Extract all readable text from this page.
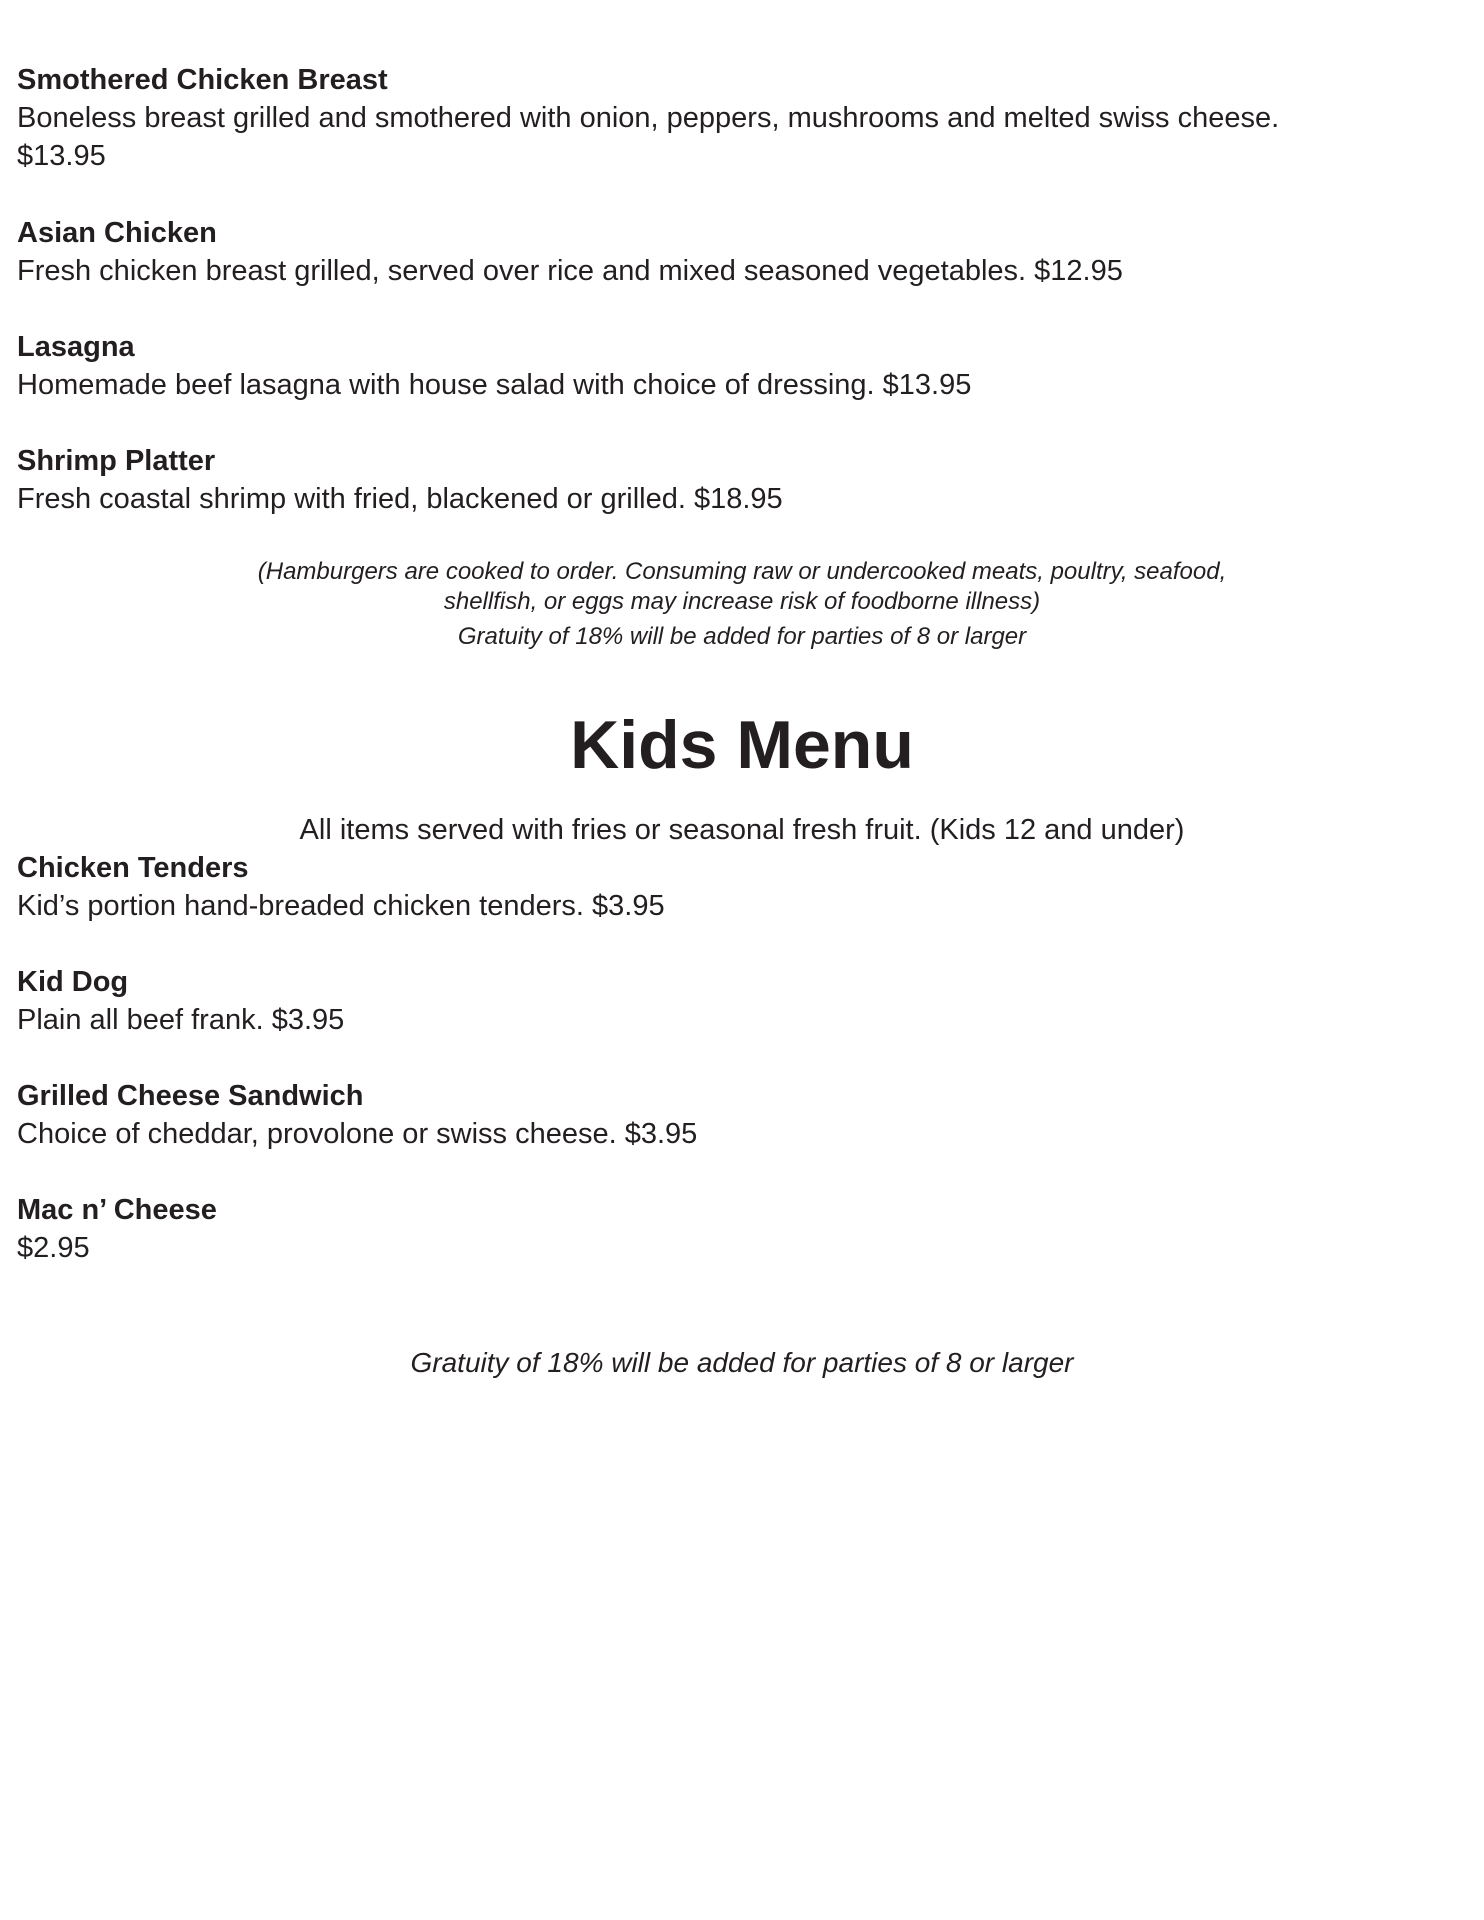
Smothered Chicken Breast
Boneless breast grilled and smothered with onion, peppers, mushrooms and melted swiss cheese.
$13.95
Asian Chicken
Fresh chicken breast grilled, served over rice and mixed seasoned vegetables. $12.95
Lasagna
Homemade beef lasagna with house salad with choice of dressing. $13.95
Shrimp Platter
Fresh coastal shrimp with fried, blackened or grilled. $18.95
(Hamburgers are cooked to order. Consuming raw or undercooked meats, poultry, seafood,
shellfish, or eggs may increase risk of foodborne illness)
Gratuity of 18% will be added for parties of 8 or larger
Kids Menu
All items served with fries or seasonal fresh fruit. (Kids 12 and under)
Chicken Tenders
Kid’s portion hand-breaded chicken tenders. $3.95
Kid Dog
Plain all beef frank. $3.95
Grilled Cheese Sandwich
Choice of cheddar, provolone or swiss cheese. $3.95
Mac n’ Cheese
$2.95
Gratuity of 18% will be added for parties of 8 or larger
